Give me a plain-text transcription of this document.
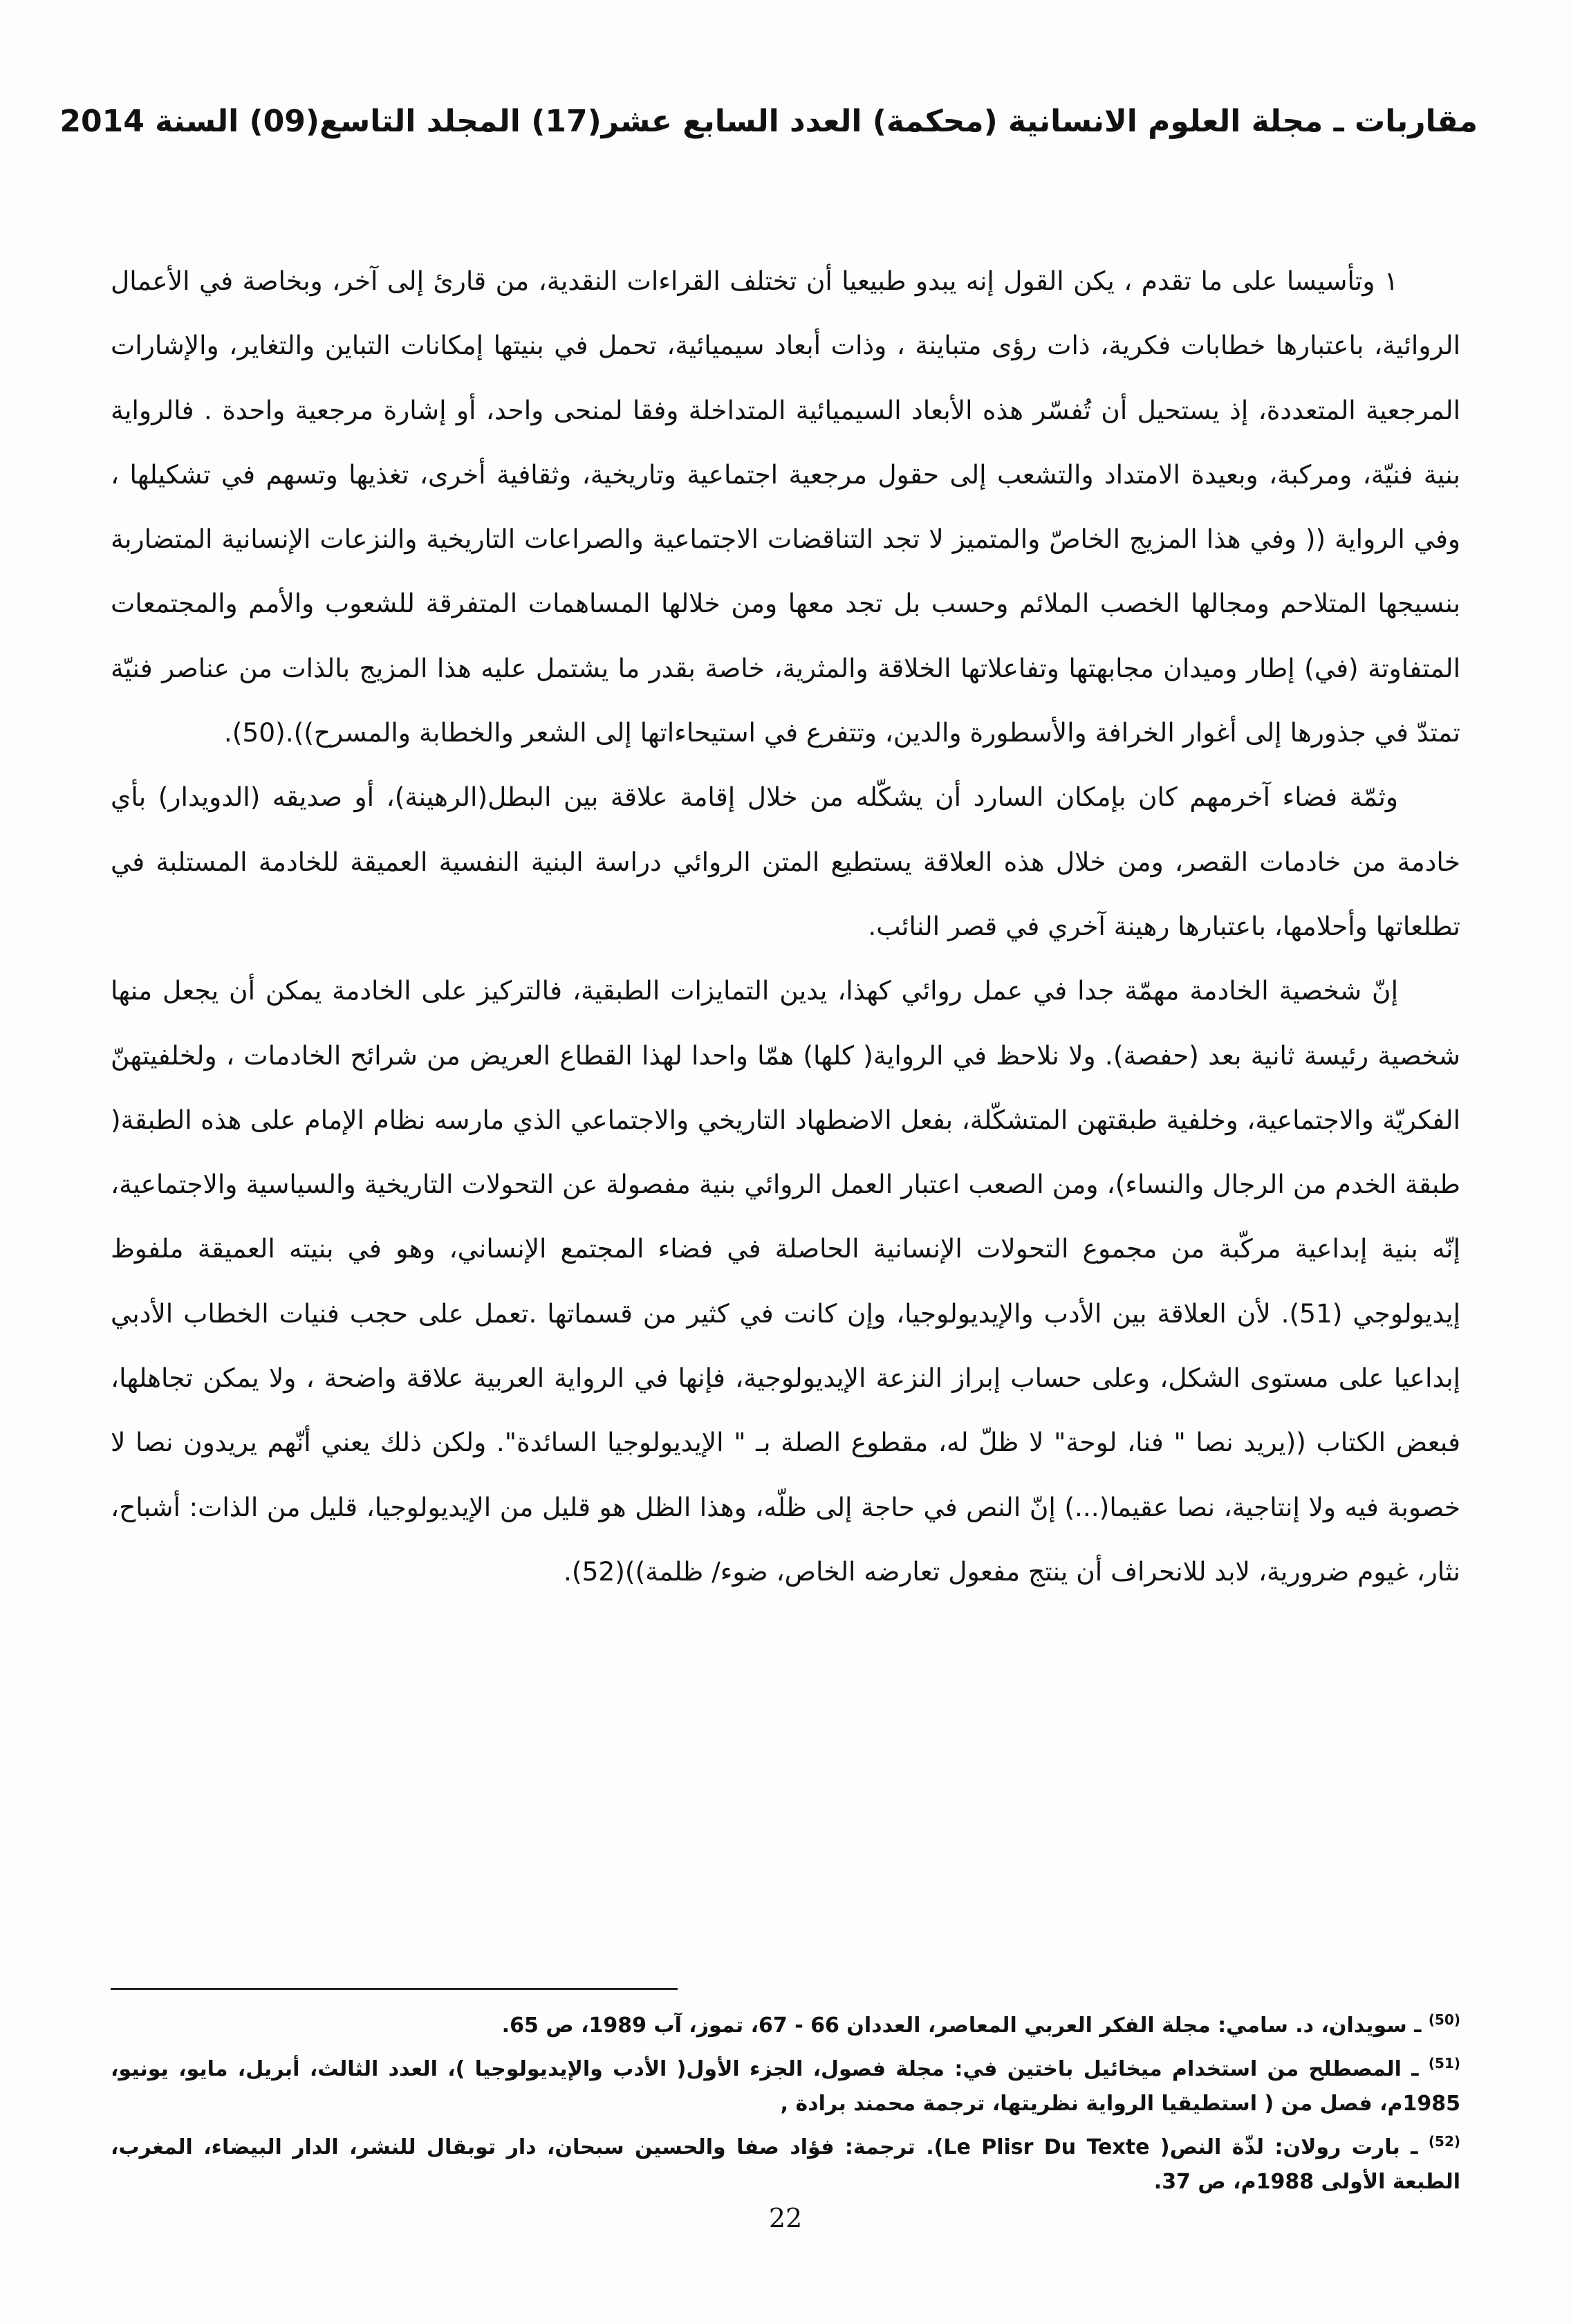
مقاربات ـ مجلة العلوم الانسانية (محكمة) العدد السابع عشر(17) المجلد التاسع(09) السنة 2014

١ وتأسيسا على ما تقدم ، يكن القول إنه يبدو طبيعيا أن تختلف القراءات النقدية، من قارئ إلى آخر، وبخاصة في الأعمال الروائية، باعتبارها خطابات فكرية، ذات رؤى متباينة ، وذات أبعاد سيميائية، تحمل في بنيتها إمكانات التباين والتغاير، والإشارات المرجعية المتعددة، إذ يستحيل أن تُفسّر هذه الأبعاد السيميائية المتداخلة وفقا لمنحى واحد، أو إشارة مرجعية واحدة . فالرواية بنية فنيّة، ومركبة، وبعيدة الامتداد والتشعب إلى حقول مرجعية اجتماعية وتاريخية، وثقافية أخرى، تغذيها وتسهم في تشكيلها ، وفي الرواية (( وفي هذا المزيج الخاصّ والمتميز لا تجد التناقضات الاجتماعية والصراعات التاريخية والنزعات الإنسانية المتضاربة بنسيجها المتلاحم ومجالها الخصب الملائم وحسب بل تجد معها ومن خلالها المساهمات المتفرقة للشعوب والأمم والمجتمعات المتفاوتة (في) إطار وميدان مجابهتها وتفاعلاتها الخلاقة والمثرية، خاصة بقدر ما يشتمل عليه هذا المزيج بالذات من عناصر فنيّة تمتدّ في جذورها إلى أغوار الخرافة والأسطورة والدين، وتتفرع في استيحاءاتها إلى الشعر والخطابة والمسرح)).(50).

وثمّة فضاء آخرمهم كان بإمكان السارد أن يشكّله من خلال إقامة علاقة بين البطل(الرهينة)، أو صديقه (الدويدار) بأي خادمة من خادمات القصر، ومن خلال هذه العلاقة يستطيع المتن الروائي دراسة البنية النفسية العميقة للخادمة المستلبة في تطلعاتها وأحلامها، باعتبارها رهينة آخري في قصر النائب.

إنّ شخصية الخادمة مهمّة جدا في عمل روائي كهذا، يدين التمايزات الطبقية، فالتركيز على الخادمة يمكن أن يجعل منها شخصية رئيسة ثانية بعد (حفصة). ولا نلاحظ في الرواية( كلها) همّا واحدا لهذا القطاع العريض من شرائح الخادمات ، ولخلفيتهنّ الفكريّة والاجتماعية، وخلفية طبقتهن المتشكّلة، بفعل الاضطهاد التاريخي والاجتماعي الذي مارسه نظام الإمام على هذه الطبقة( طبقة الخدم من الرجال والنساء)، ومن الصعب اعتبار العمل الروائي بنية مفصولة عن التحولات التاريخية والسياسية والاجتماعية، إنّه بنية إبداعية مركّبة من مجموع التحولات الإنسانية الحاصلة في فضاء المجتمع الإنساني، وهو في بنيته العميقة ملفوظ إيديولوجي (51). لأن العلاقة بين الأدب والإيديولوجيا، وإن كانت في كثير من قسماتها .تعمل على حجب فنيات الخطاب الأدبي إبداعيا على مستوى الشكل، وعلى حساب إبراز النزعة الإيديولوجية، فإنها في الرواية العربية علاقة واضحة ، ولا يمكن تجاهلها، فبعض الكتاب ((يريد نصا " فنا، لوحة" لا ظلّ له، مقطوع الصلة بـ " الإيديولوجيا السائدة". ولكن ذلك يعني أنّهم يريدون نصا لا خصوبة فيه ولا إنتاجية، نصا عقيما(...) إنّ النص في حاجة إلى ظلّه، وهذا الظل هو قليل من الإيديولوجيا، قليل من الذات: أشباح، نثار، غيوم ضرورية، لابد للانحراف أن ينتج مفعول تعارضه الخاص، ضوء/ ظلمة))(52).

$^{(50)}$ ـ سويدان، د. سامي: مجلة الفكر العربي المعاصر، العددان 66 - 67، تموز، آب 1989، ص 65.

$^{(51)}$ ـ المصطلح من استخدام ميخائيل باختين في: مجلة فصول، الجزء الأول( الأدب والإيديولوجيا )، العدد الثالث، أبريل، مايو، يونيو، 1985م، فصل من ( استطيقيا الرواية نظريتها، ترجمة محمند برادة ,

$^{(52)}$ ـ بارت رولان: لذّة النص( Le Plisr Du Texte). ترجمة: فؤاد صفا والحسين سبحان، دار توبقال للنشر، الدار البيضاء، المغرب، الطبعة الأولى 1988م، ص 37.

22
